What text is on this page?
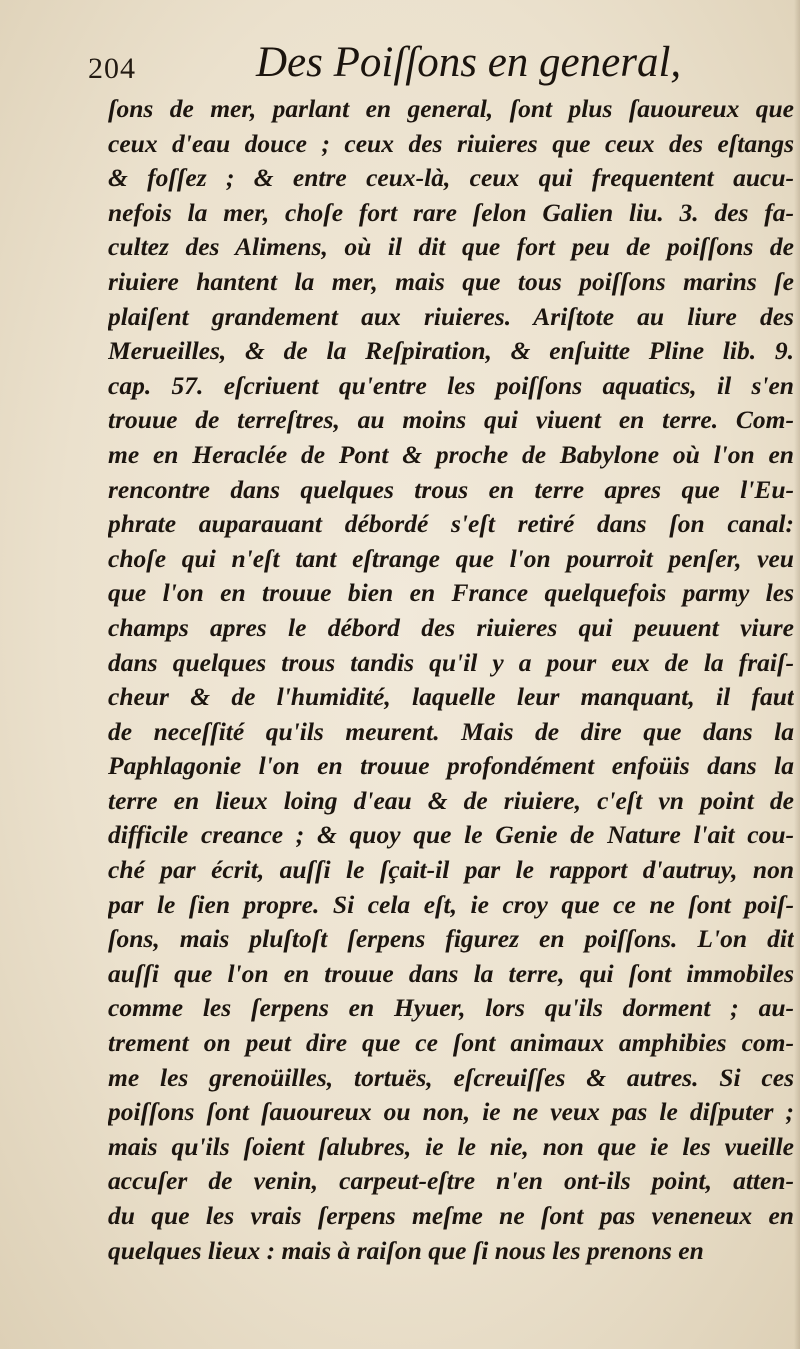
204	Des Poiſſons en general,
ſons de mer, parlant en general, ſont plus ſauoureux que
ceux d'eau douce ; ceux des riuieres que ceux des eſtangs
& foſſez ; & entre ceux-là, ceux qui frequentent aucu-
nefois la mer, choſe fort rare ſelon Galien liu. 3. des fa-
cultez des Alimens, où il dit que fort peu de poiſſons de
riuiere hantent la mer, mais que tous poiſſons marins ſe
plaiſent grandement aux riuieres. Ariſtote au liure des
Merueilles, & de la Reſpiration, & enſuitte Pline lib. 9.
cap. 57. eſcriuent qu'entre les poiſſons aquatics, il s'en
trouue de terreſtres, au moins qui viuent en terre. Com-
me en Heraclée de Pont & proche de Babylone où l'on en
rencontre dans quelques trous en terre apres que l'Eu-
phrate auparauant débordé s'eſt retiré dans ſon canal:
choſe qui n'eſt tant eſtrange que l'on pourroit penſer, veu
que l'on en trouue bien en France quelquefois parmy les
champs apres le débord des riuieres qui peuuent viure
dans quelques trous tandis qu'il y a pour eux de la fraiſ-
cheur & de l'humidité, laquelle leur manquant, il faut
de neceſſité qu'ils meurent. Mais de dire que dans la
Paphlagonie l'on en trouue profondément enfoüis dans la
terre en lieux loing d'eau & de riuiere, c'eſt vn point de
difficile creance ; & quoy que le Genie de Nature l'ait cou-
ché par écrit, auſſi le ſçait-il par le rapport d'autruy, non
par le ſien propre. Si cela eſt, ie croy que ce ne ſont poiſ-
ſons, mais pluſtoſt ſerpens figurez en poiſſons. L'on dit
auſſi que l'on en trouue dans la terre, qui ſont immobiles
comme les ſerpens en Hyuer, lors qu'ils dorment ; au-
trement on peut dire que ce ſont animaux amphibies com-
me les grenoüilles, tortuës, eſcreuiſſes & autres. Si ces
poiſſons ſont ſauoureux ou non, ie ne veux pas le diſputer ;
mais qu'ils ſoient ſalubres, ie le nie, non que ie les vueille
accuſer de venin, carpeut-eſtre n'en ont-ils point, atten-
du que les vrais ſerpens meſme ne ſont pas veneneux en
quelques lieux : mais à raiſon que ſi nous les prenons en
